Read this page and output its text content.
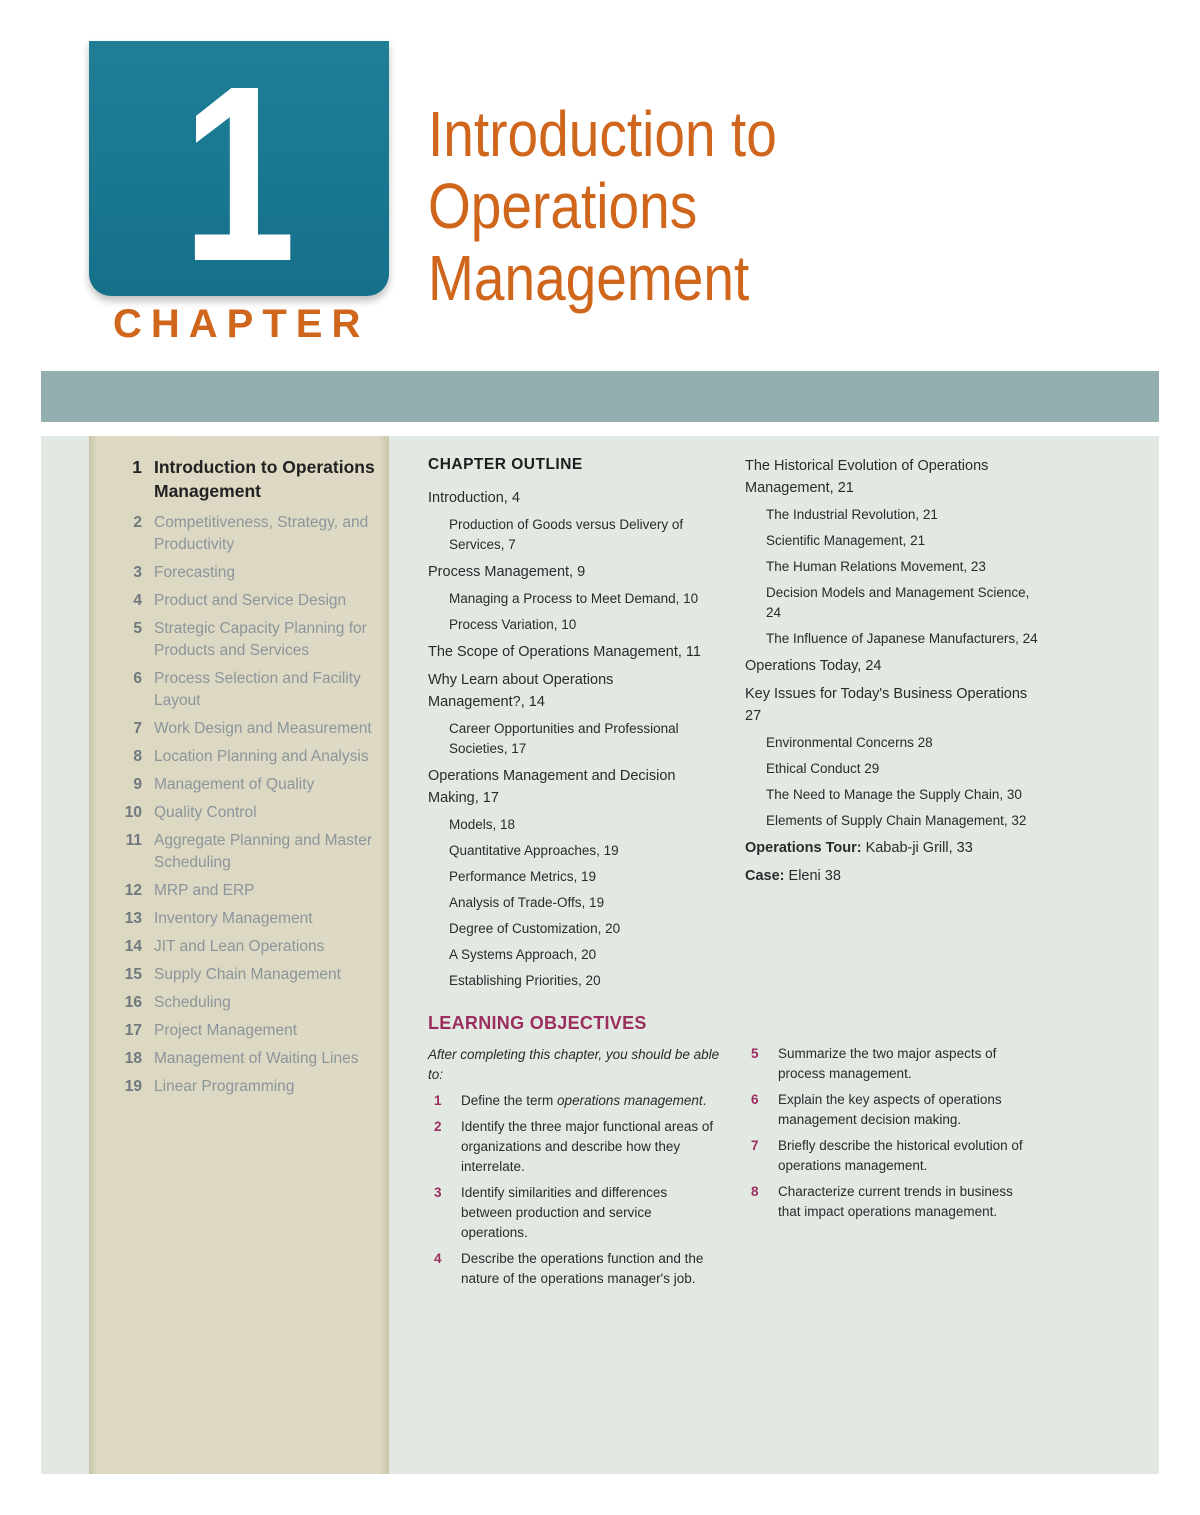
1
CHAPTER
Introduction to
Operations
Management
1 Introduction to Operations Management
2 Competitiveness, Strategy, and Productivity
3 Forecasting
4 Product and Service Design
5 Strategic Capacity Planning for Products and Services
6 Process Selection and Facility Layout
7 Work Design and Measurement
8 Location Planning and Analysis
9 Management of Quality
10 Quality Control
11 Aggregate Planning and Master Scheduling
12 MRP and ERP
13 Inventory Management
14 JIT and Lean Operations
15 Supply Chain Management
16 Scheduling
17 Project Management
18 Management of Waiting Lines
19 Linear Programming
CHAPTER OUTLINE
Introduction, 4
Production of Goods versus Delivery of Services, 7
Process Management, 9
Managing a Process to Meet Demand, 10
Process Variation, 10
The Scope of Operations Management, 11
Why Learn about Operations Management?, 14
Career Opportunities and Professional Societies, 17
Operations Management and Decision Making, 17
Models, 18
Quantitative Approaches, 19
Performance Metrics, 19
Analysis of Trade-Offs, 19
Degree of Customization, 20
A Systems Approach, 20
Establishing Priorities, 20
The Historical Evolution of Operations Management, 21
The Industrial Revolution, 21
Scientific Management, 21
The Human Relations Movement, 23
Decision Models and Management Science, 24
The Influence of Japanese Manufacturers, 24
Operations Today, 24
Key Issues for Today's Business Operations 27
Environmental Concerns 28
Ethical Conduct 29
The Need to Manage the Supply Chain, 30
Elements of Supply Chain Management, 32
Operations Tour: Kabab-ji Grill, 33
Case: Eleni 38
LEARNING OBJECTIVES
After completing this chapter, you should be able to:
1	Define the term operations management.
2	Identify the three major functional areas of organizations and describe how they interrelate.
3	Identify similarities and differences between production and service operations.
4	Describe the operations function and the nature of the operations manager's job.
5	Summarize the two major aspects of process management.
6	Explain the key aspects of operations management decision making.
7	Briefly describe the historical evolution of operations management.
8	Characterize current trends in business that impact operations management.
